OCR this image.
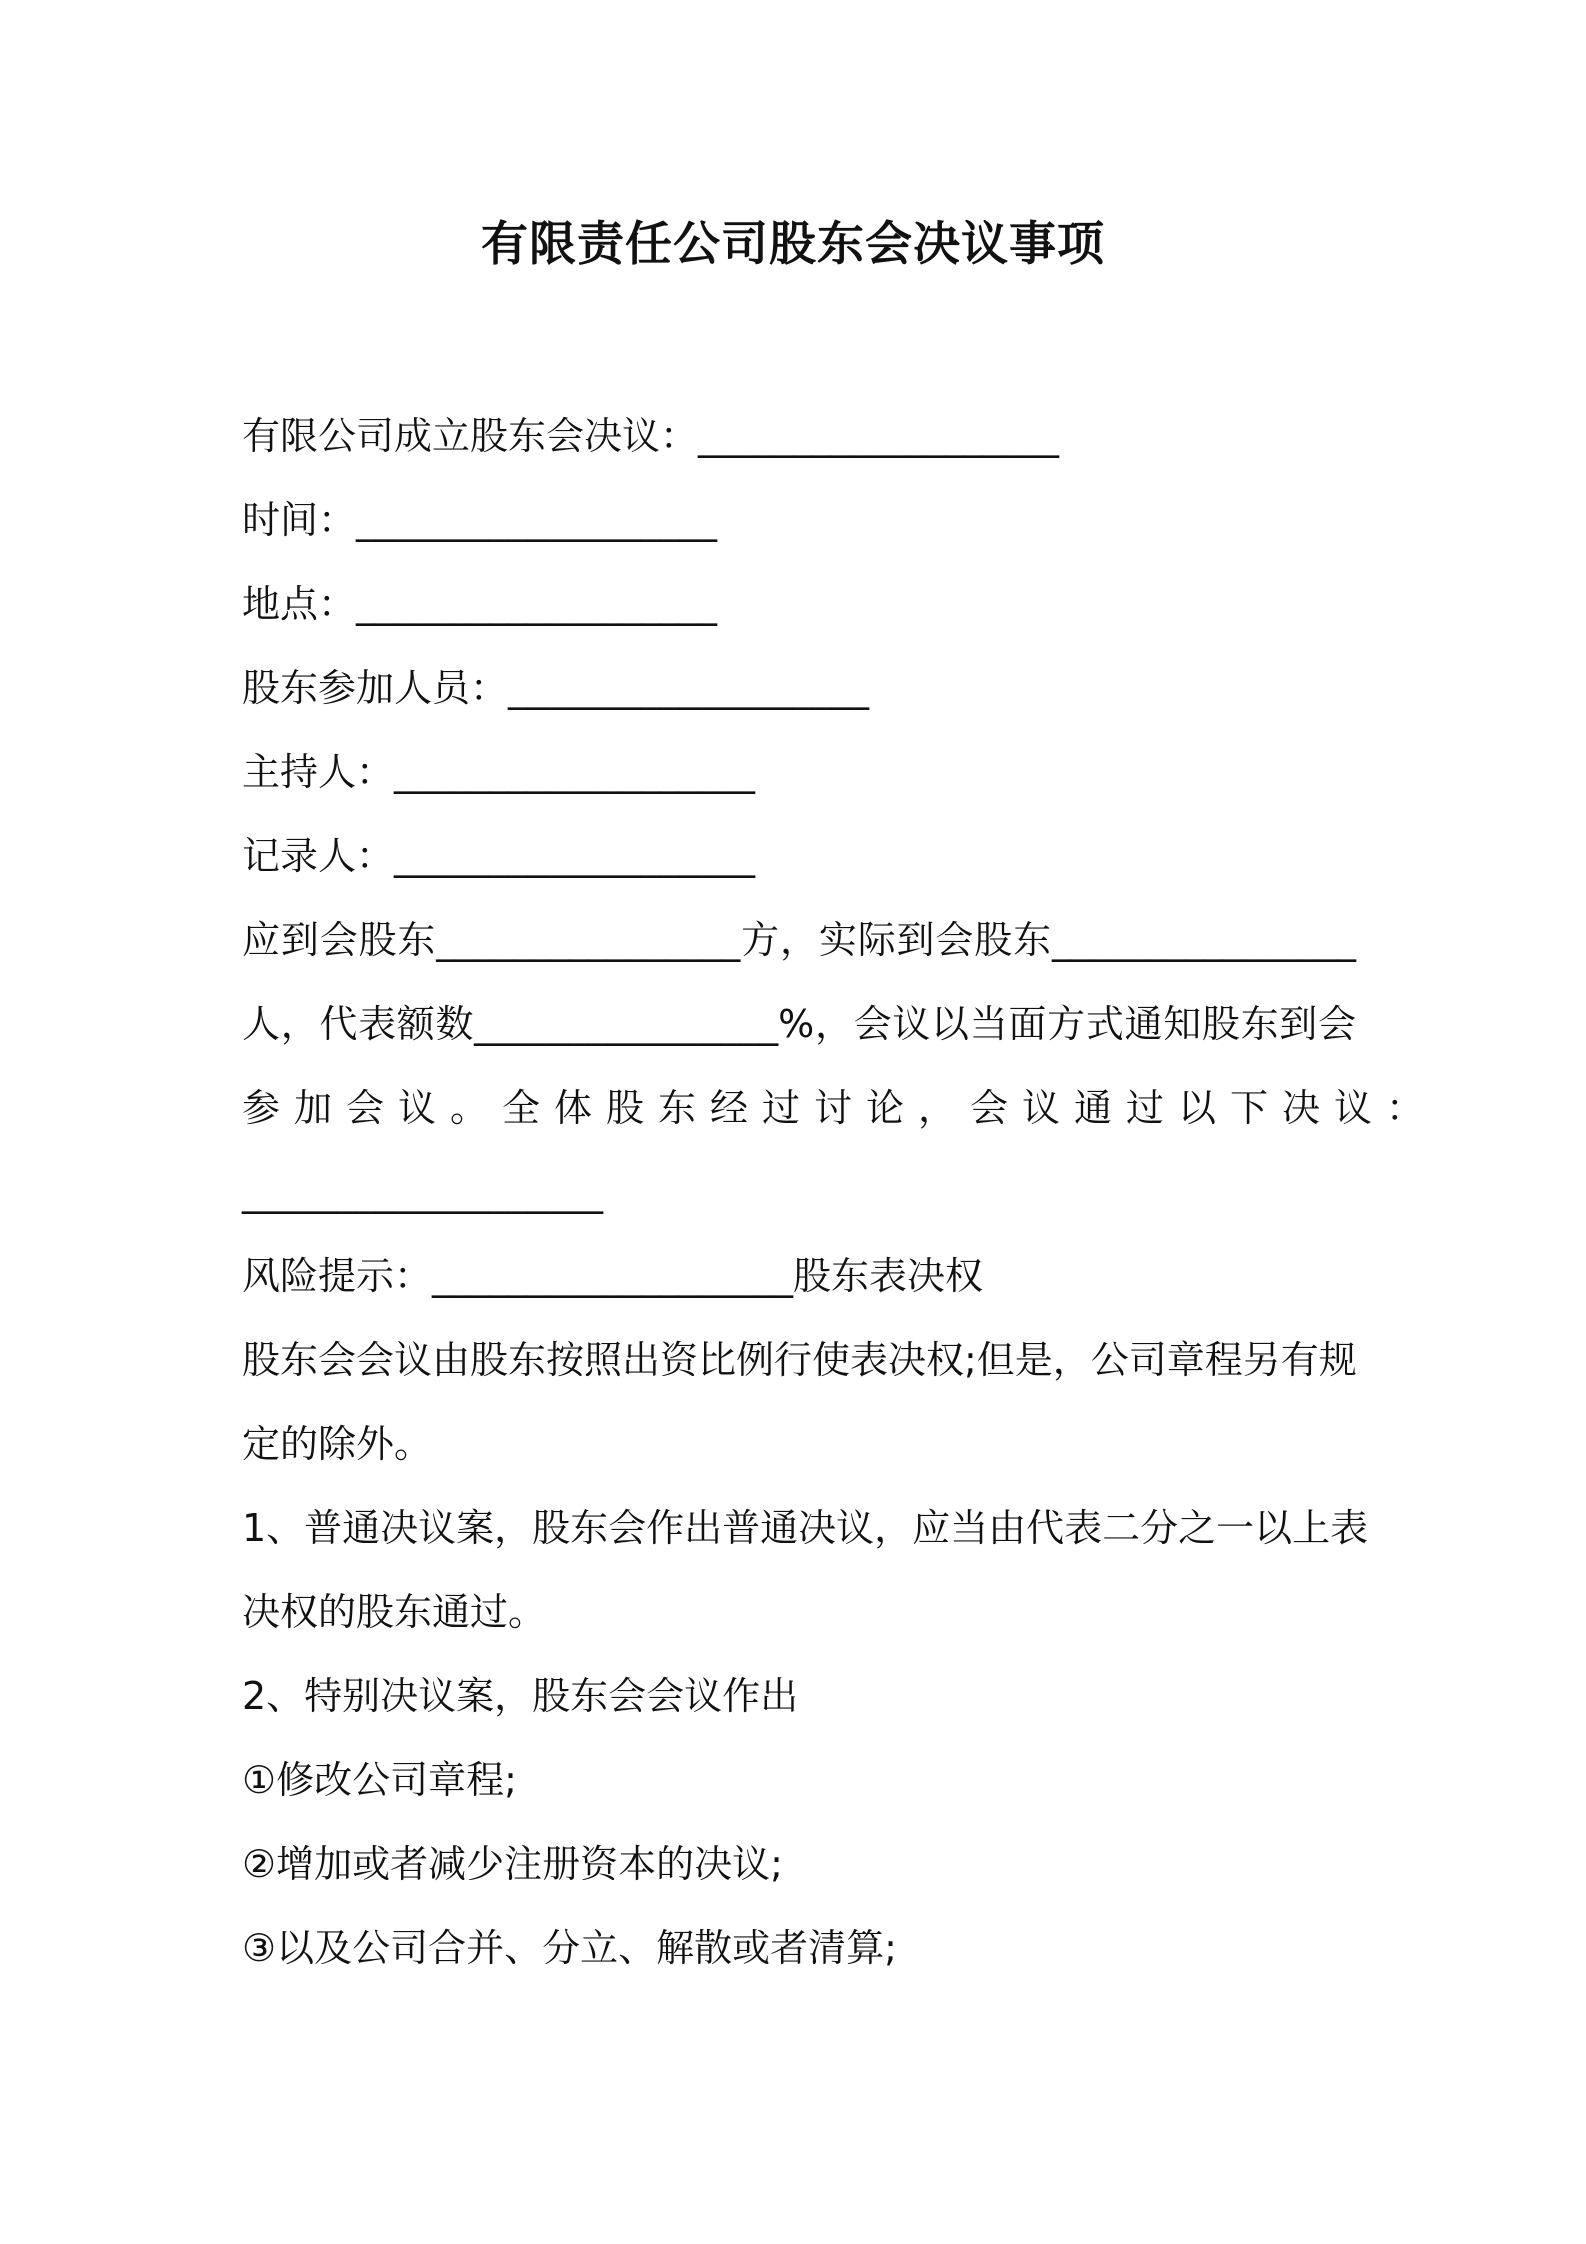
有限责任公司股东会决议事项
有限公司成立股东会决议：___________________
时间：___________________
地点：___________________
股东参加人员：___________________
主持人：___________________
记录人：___________________
应到会股东________________方，实际到会股东________________
人，代表额数________________%，会议以当面方式通知股东到会
参加会议。全体股东经过讨论，会议通过以下决议：
___________________
风险提示：___________________股东表决权
股东会会议由股东按照出资比例行使表决权;但是，公司章程另有规
定的除外。
1、普通决议案，股东会作出普通决议，应当由代表二分之一以上表
决权的股东通过。
2、特别决议案，股东会会议作出
①修改公司章程;
②增加或者减少注册资本的决议;
③以及公司合并、分立、解散或者清算;
